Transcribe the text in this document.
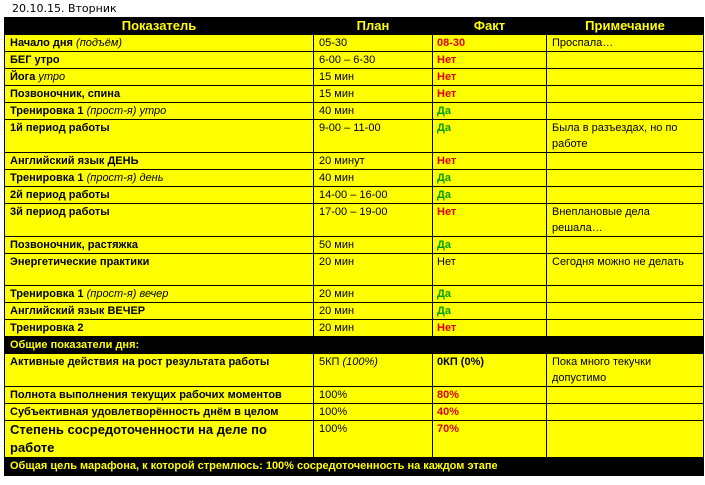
20.10.15. Вторник
Показатель	План	Факт	Примечание
Начало дня (подъём)	05-30	08-30	Проспала…
БЕГ утро	6-00 – 6-30	Нет	
Йога утро	15 мин	Нет	
Позвоночник, спина	15 мин	Нет	
Тренировка 1 (прост-я) утро	40 мин	Да	
1й период работы	9-00 – 11-00	Да	Была в разъездах, но по работе
Английский язык ДЕНЬ	20 минут	Нет	
Тренировка 1 (прост-я) день	40 мин	Да	
2й период работы	14-00 – 16-00	Да	
3й период работы	17-00 – 19-00	Нет	Внеплановые дела решала…
Позвоночник, растяжка	50 мин	Да	
Энергетические практики	20 мин	Нет	Сегодня можно не делать
Тренировка 1 (прост-я) вечер	20 мин	Да	
Английский язык ВЕЧЕР	20 мин	Да	
Тренировка 2	20 мин	Нет	
Общие показатели дня:			
Активные действия на рост результата работы	5КП (100%)	0КП (0%)	Пока много текучки допустимо
Полнота выполнения текущих рабочих моментов	100%	80%	
Субъективная удовлетворённость днём в целом	100%	40%	
Степень сосредоточенности на деле по работе	100%	70%	
Общая цель марафона, к которой стремлюсь: 100% сосредоточенность на каждом этапе			
